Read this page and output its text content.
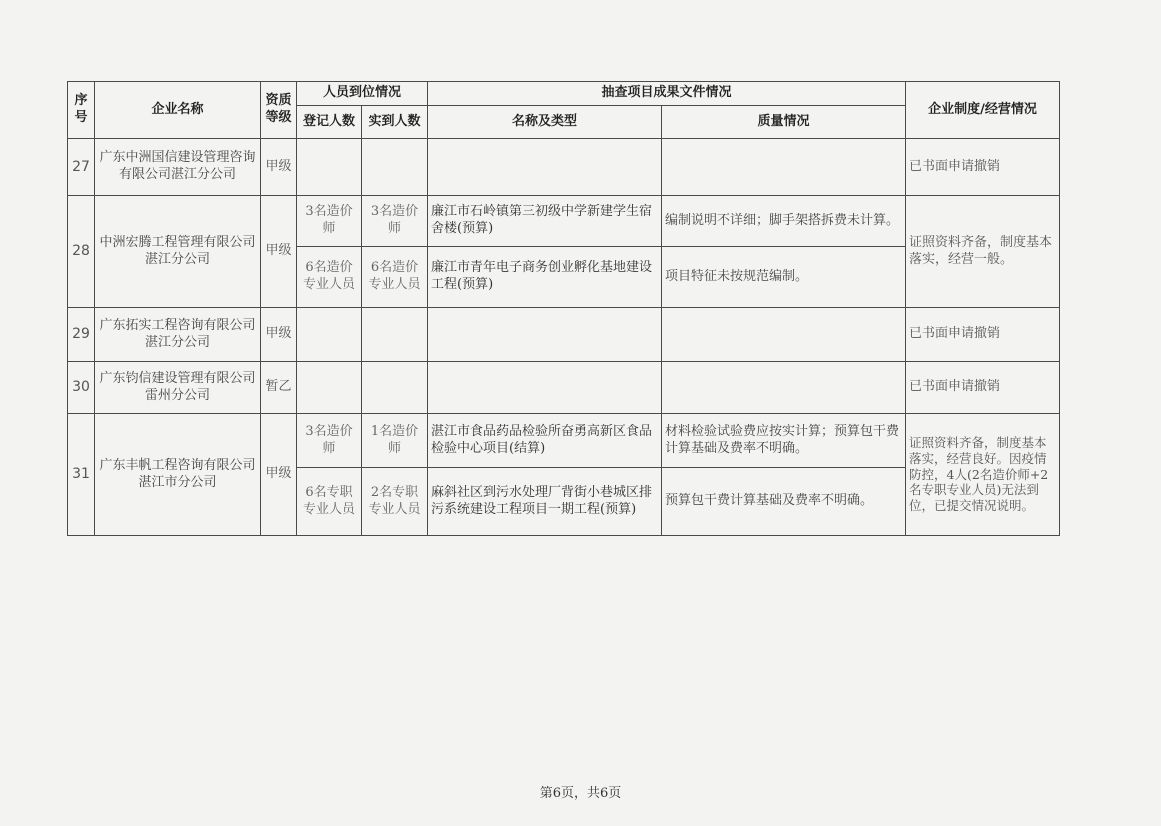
序号	企业名称	资质等级	人员到位情况		抽查项目成果文件情况		企业制度/经营情况
			登记人数	实到人数	名称及类型	质量情况	
27	广东中洲国信建设管理咨询有限公司湛江分公司	甲级					已书面申请撤销
28	中洲宏腾工程管理有限公司湛江分公司	甲级	3名造价师	3名造价师	廉江市石岭镇第三初级中学新建学生宿舍楼(预算)	编制说明不详细；脚手架搭拆费未计算。	证照资料齐备，制度基本落实，经营一般。
			6名造价专业人员	6名造价专业人员	廉江市青年电子商务创业孵化基地建设工程(预算)	项目特征未按规范编制。	
29	广东拓实工程咨询有限公司湛江分公司	甲级					已书面申请撤销
30	广东钧信建设管理有限公司雷州分公司	暂乙					已书面申请撤销
31	广东丰帆工程咨询有限公司湛江市分公司	甲级	3名造价师	1名造价师	湛江市食品药品检验所奋勇高新区食品检验中心项目(结算)	材料检验试验费应按实计算；预算包干费计算基础及费率不明确。	证照资料齐备，制度基本落实，经营良好。因疫情防控，4人(2名造价师+2名专职专业人员)无法到位，已提交情况说明。
			6名专职专业人员	2名专职专业人员	麻斜社区到污水处理厂背街小巷城区排污系统建设工程项目一期工程(预算)	预算包干费计算基础及费率不明确。	
第6页，共6页
